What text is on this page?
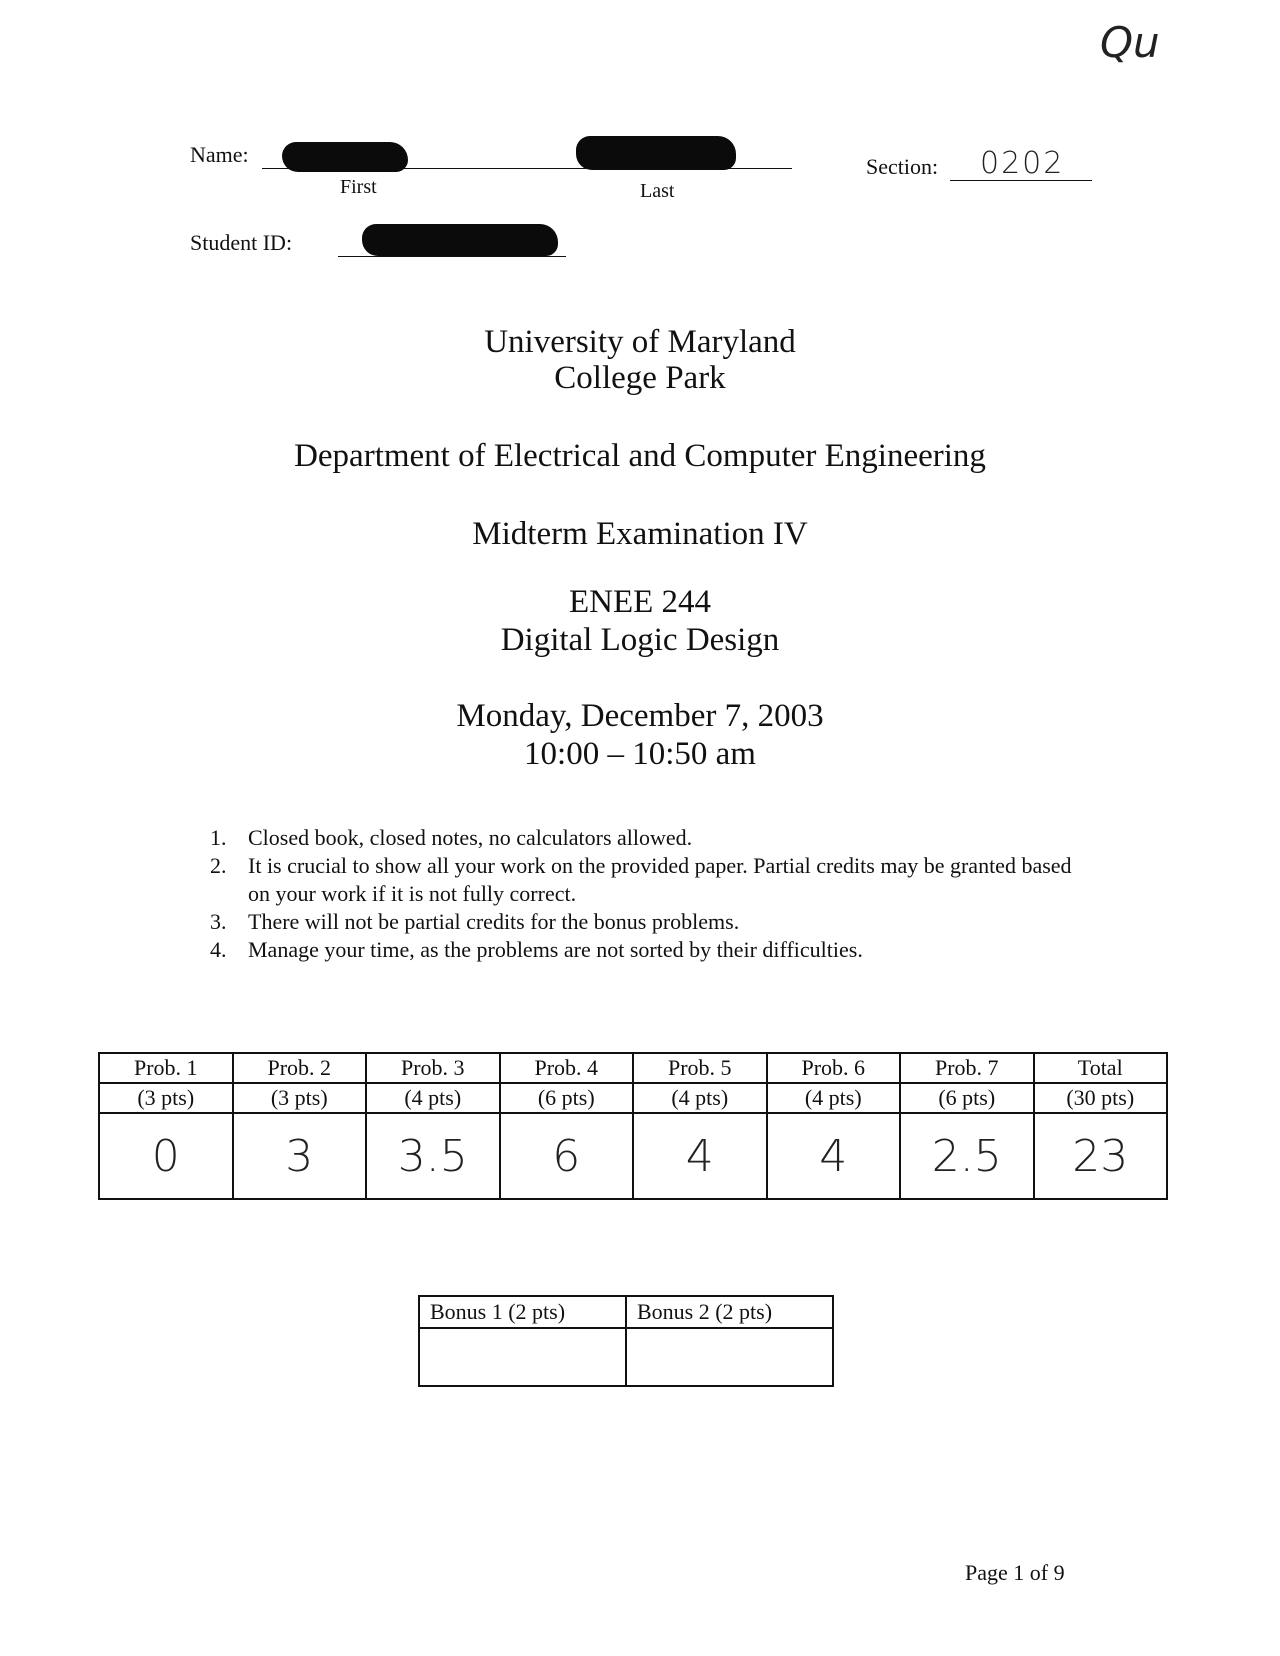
Qu
Name:
First	Last
Section: 0202
Student ID:
University of Maryland
College Park
Department of Electrical and Computer Engineering
Midterm Examination IV
ENEE 244
Digital Logic Design
Monday, December 7, 2003
10:00 – 10:50 am
1. Closed book, closed notes, no calculators allowed.
2. It is crucial to show all your work on the provided paper. Partial credits may be granted based on your work if it is not fully correct.
3. There will not be partial credits for the bonus problems.
4. Manage your time, as the problems are not sorted by their difficulties.
Prob. 1	Prob. 2	Prob. 3	Prob. 4	Prob. 5	Prob. 6	Prob. 7	Total
(3 pts)	(3 pts)	(4 pts)	(6 pts)	(4 pts)	(4 pts)	(6 pts)	(30 pts)
0	3	3.5	6	4	4	2.5	23
Bonus 1 (2 pts)	Bonus 2 (2 pts)

Page 1 of 9
